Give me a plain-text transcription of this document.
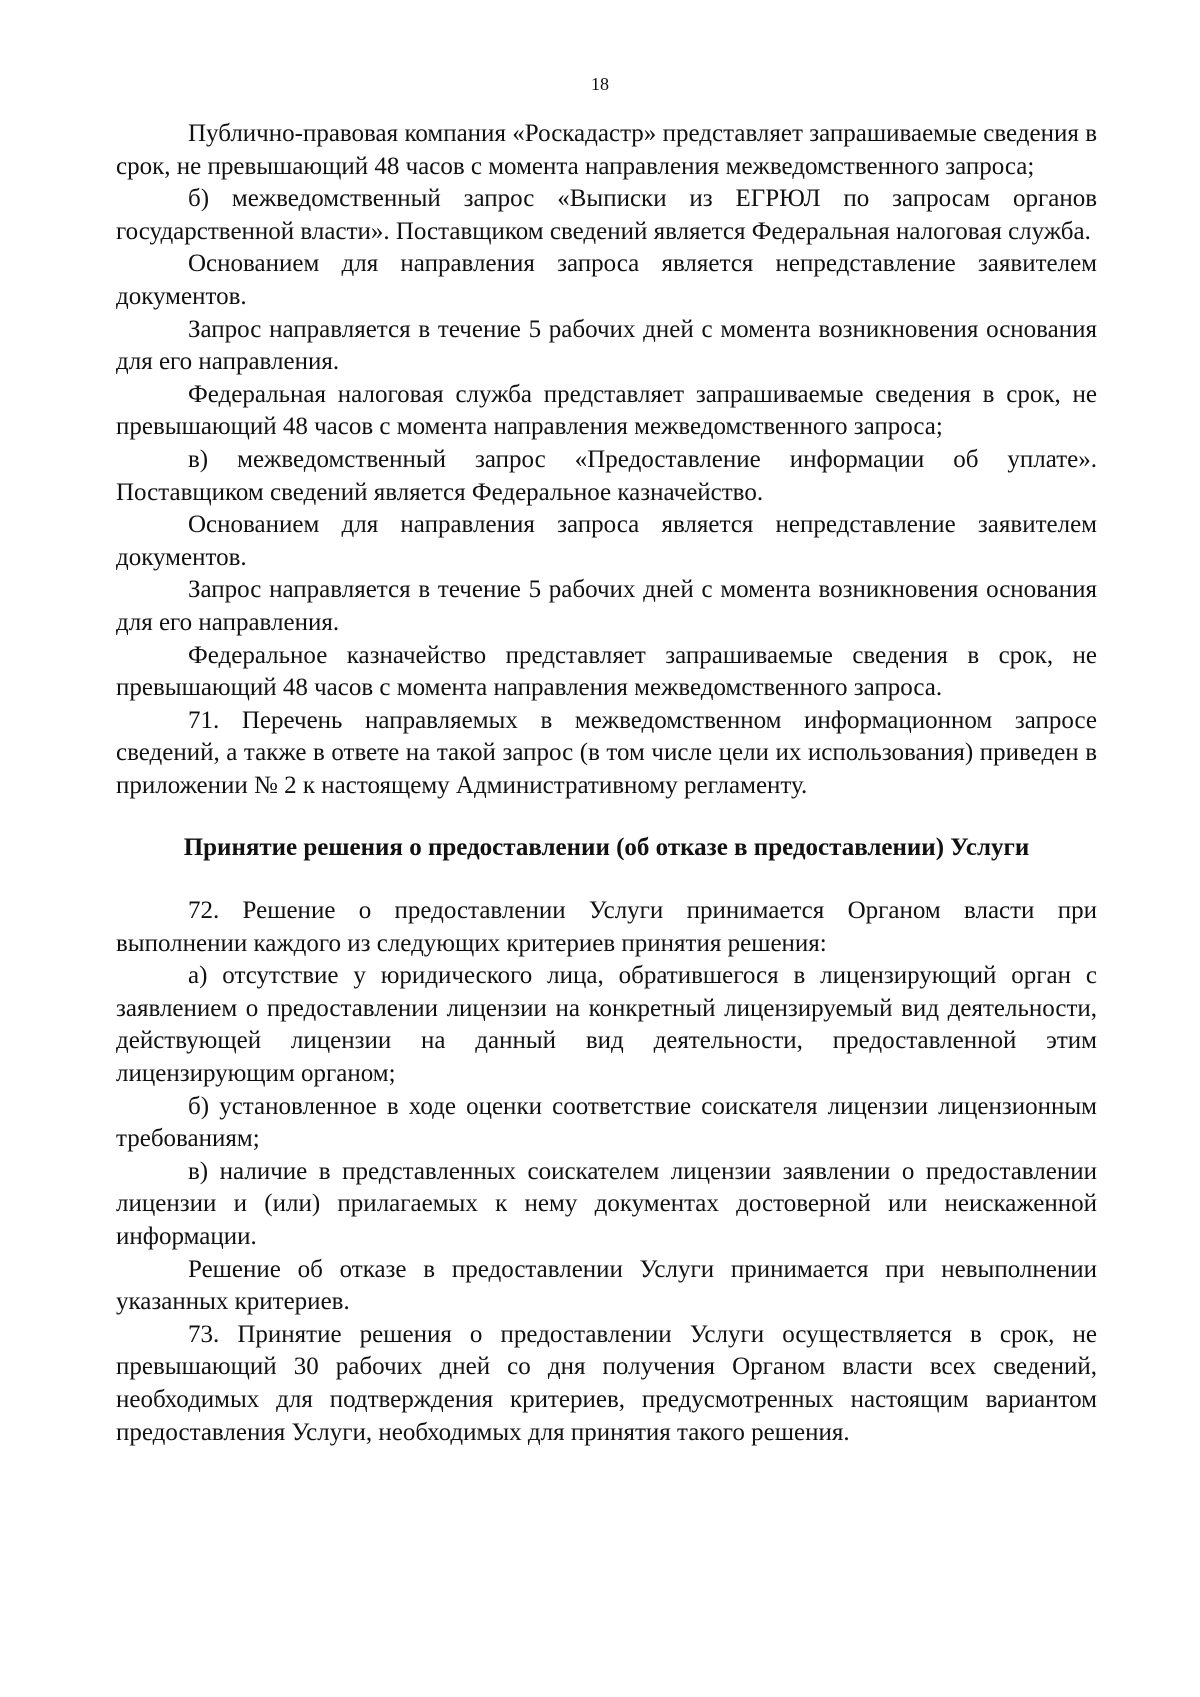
18

Публично-правовая компания «Роскадастр» представляет запрашиваемые сведения в срок, не превышающий 48 часов с момента направления межведомственного запроса;

б) межведомственный запрос «Выписки из ЕГРЮЛ по запросам органов государственной власти». Поставщиком сведений является Федеральная налоговая служба.

Основанием для направления запроса является непредставление заявителем документов.

Запрос направляется в течение 5 рабочих дней с момента возникновения основания для его направления.

Федеральная налоговая служба представляет запрашиваемые сведения в срок, не превышающий 48 часов с момента направления межведомственного запроса;

в) межведомственный запрос «Предоставление информации об уплате». Поставщиком сведений является Федеральное казначейство.

Основанием для направления запроса является непредставление заявителем документов.

Запрос направляется в течение 5 рабочих дней с момента возникновения основания для его направления.

Федеральное казначейство представляет запрашиваемые сведения в срок, не превышающий 48 часов с момента направления межведомственного запроса.

71. Перечень направляемых в межведомственном информационном запросе сведений, а также в ответе на такой запрос (в том числе цели их использования) приведен в приложении № 2 к настоящему Административному регламенту.

Принятие решения о предоставлении (об отказе в предоставлении) Услуги

72. Решение о предоставлении Услуги принимается Органом власти при выполнении каждого из следующих критериев принятия решения:

а) отсутствие у юридического лица, обратившегося в лицензирующий орган с заявлением о предоставлении лицензии на конкретный лицензируемый вид деятельности, действующей лицензии на данный вид деятельности, предоставленной этим лицензирующим органом;

б) установленное в ходе оценки соответствие соискателя лицензии лицензионным требованиям;

в) наличие в представленных соискателем лицензии заявлении о предоставлении лицензии и (или) прилагаемых к нему документах достоверной или неискаженной информации.

Решение об отказе в предоставлении Услуги принимается при невыполнении указанных критериев.

73. Принятие решения о предоставлении Услуги осуществляется в срок, не превышающий 30 рабочих дней со дня получения Органом власти всех сведений, необходимых для подтверждения критериев, предусмотренных настоящим вариантом предоставления Услуги, необходимых для принятия такого решения.
